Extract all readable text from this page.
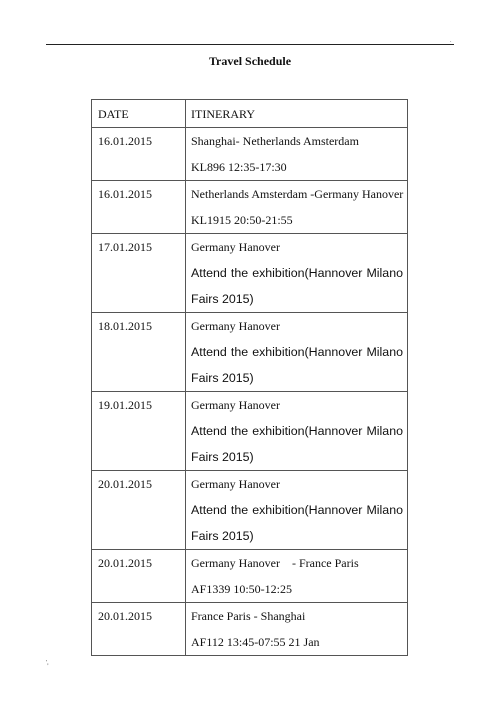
.
Travel Schedule
DATE	ITINERARY

16.01.2015	Shanghai- Netherlands Amsterdam
KL896 12:35-17:30

16.01.2015	Netherlands Amsterdam -Germany Hanover
KL1915 20:50-21:55

17.01.2015	Germany Hanover
Attend the exhibition(Hannover Milano
Fairs 2015)

18.01.2015	Germany Hanover
Attend the exhibition(Hannover Milano
Fairs 2015)

19.01.2015	Germany Hanover
Attend the exhibition(Hannover Milano
Fairs 2015)

20.01.2015	Germany Hanover
Attend the exhibition(Hannover Milano
Fairs 2015)

20.01.2015	Germany Hanover    - France Paris
AF1339 10:50-12:25

20.01.2015	France Paris - Shanghai
AF112 13:45-07:55 21 Jan
',
